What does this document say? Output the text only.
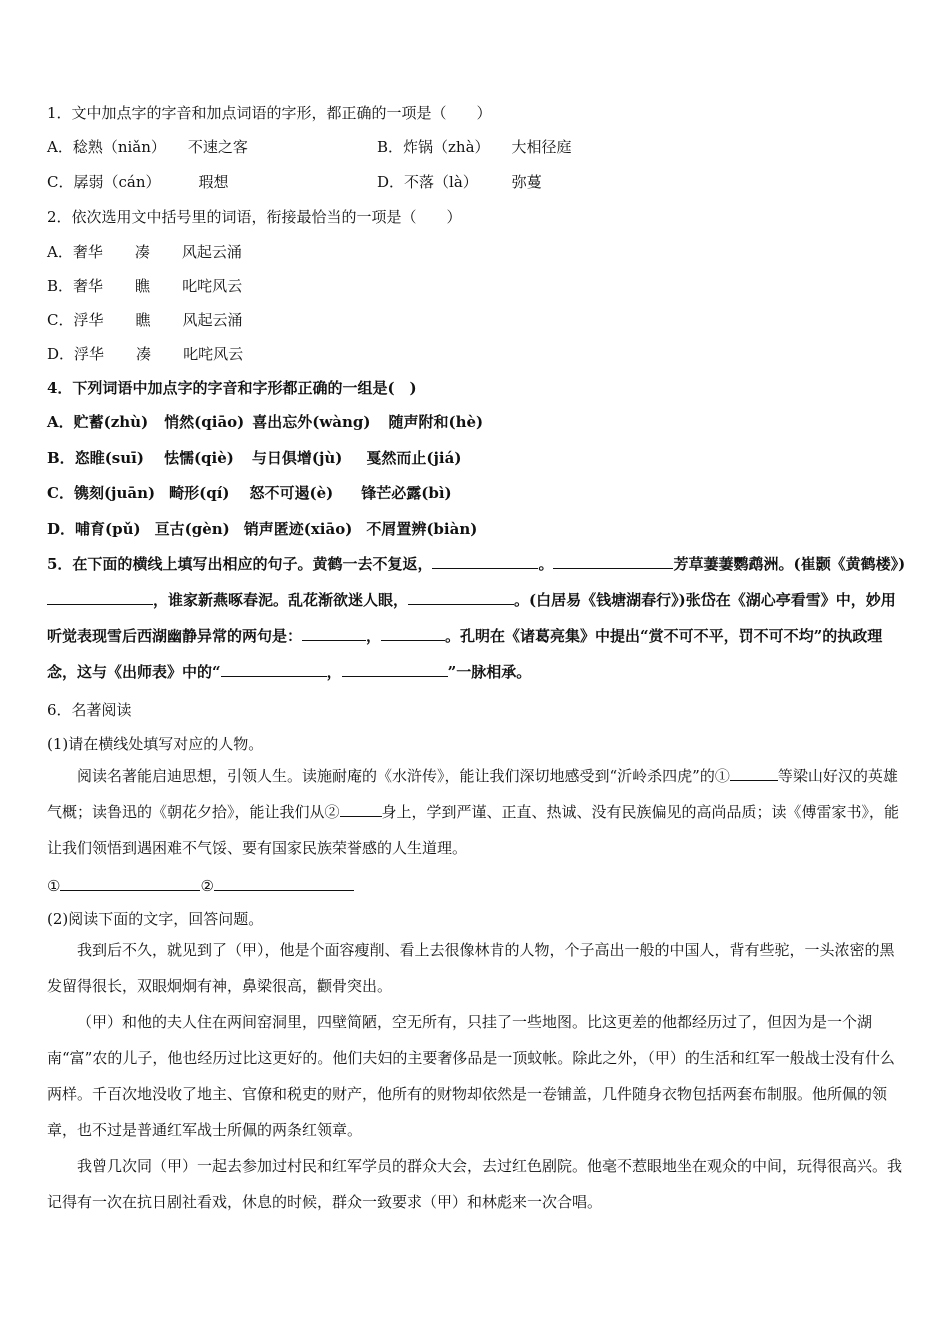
1．文中加点字的字音和加点词语的字形，都正确的一项是（　　）
A．稔熟（niǎn） 不速之客	B．炸锅（zhà） 大相径庭
C．孱弱（cán）	瑕想	D．不落（là） 弥蔓
2．依次选用文中括号里的词语，衔接最恰当的一项是（　　）
A．奢华 凑 风起云涌
B．奢华 瞧 叱咤风云
C．浮华 瞧 风起云涌
D．浮华 凑 叱咤风云
4．下列词语中加点字的字音和字形都正确的一组是(　)
A．贮蓄(zhù) 悄然(qiāo) 喜出忘外(wàng) 随声附和(hè)
B．恣睢(suī) 怯懦(qiè) 与日俱增(jù) 戛然而止(jiá)
C．镌刻(juān) 畸形(qí) 怒不可遏(è) 锋芒必露(bì)
D．哺育(pǔ) 亘古(gèn) 销声匿迹(xiāo) 不屑置辨(biàn)
5．在下面的横线上填写出相应的句子。黄鹤一去不复返，	。	芳草萋萋鹦鹉洲。(崔颢《黄鹤楼》)，谁家新燕啄春泥。乱花渐欲迷人眼，	。(白居易《钱塘湖春行》)张岱在《湖心亭看雪》中，妙用听觉表现雪后西湖幽静异常的两句是：	，	。孔明在《诸葛亮集》中提出“赏不可不平，罚不可不均”的执政理念，这与《出师表》中的“	，	”一脉相承。
6．名著阅读
(1)请在横线处填写对应的人物。
阅读名著能启迪思想，引领人生。读施耐庵的《水浒传》，能让我们深切地感受到“沂岭杀四虎”的①	等梁山好汉的英雄气概；读鲁迅的《朝花夕拾》，能让我们从②	身上，学到严谨、正直、热诚、没有民族偏见的高尚品质；读《傅雷家书》，能让我们领悟到遇困难不气馁、要有国家民族荣誉感的人生道理。
①	②
(2)阅读下面的文字，回答问题。
我到后不久，就见到了（甲），他是个面容瘦削、看上去很像林肯的人物，个子高出一般的中国人，背有些驼，一头浓密的黑发留得很长，双眼炯炯有神，鼻梁很高，颧骨突出。
（甲）和他的夫人住在两间窑洞里，四壁简陋，空无所有，只挂了一些地图。比这更差的他都经历过了，但因为是一个湖南“富”农的儿子，他也经历过比这更好的。他们夫妇的主要奢侈品是一顶蚊帐。除此之外，（甲）的生活和红军一般战士没有什么两样。千百次地没收了地主、官僚和税吏的财产，他所有的财物却依然是一卷铺盖，几件随身衣物包括两套布制服。他所佩的领章，也不过是普通红军战士所佩的两条红领章。
我曾几次同（甲）一起去参加过村民和红军学员的群众大会，去过红色剧院。他毫不惹眼地坐在观众的中间，玩得很高兴。我记得有一次在抗日剧社看戏，休息的时候，群众一致要求（甲）和林彪来一次合唱。
